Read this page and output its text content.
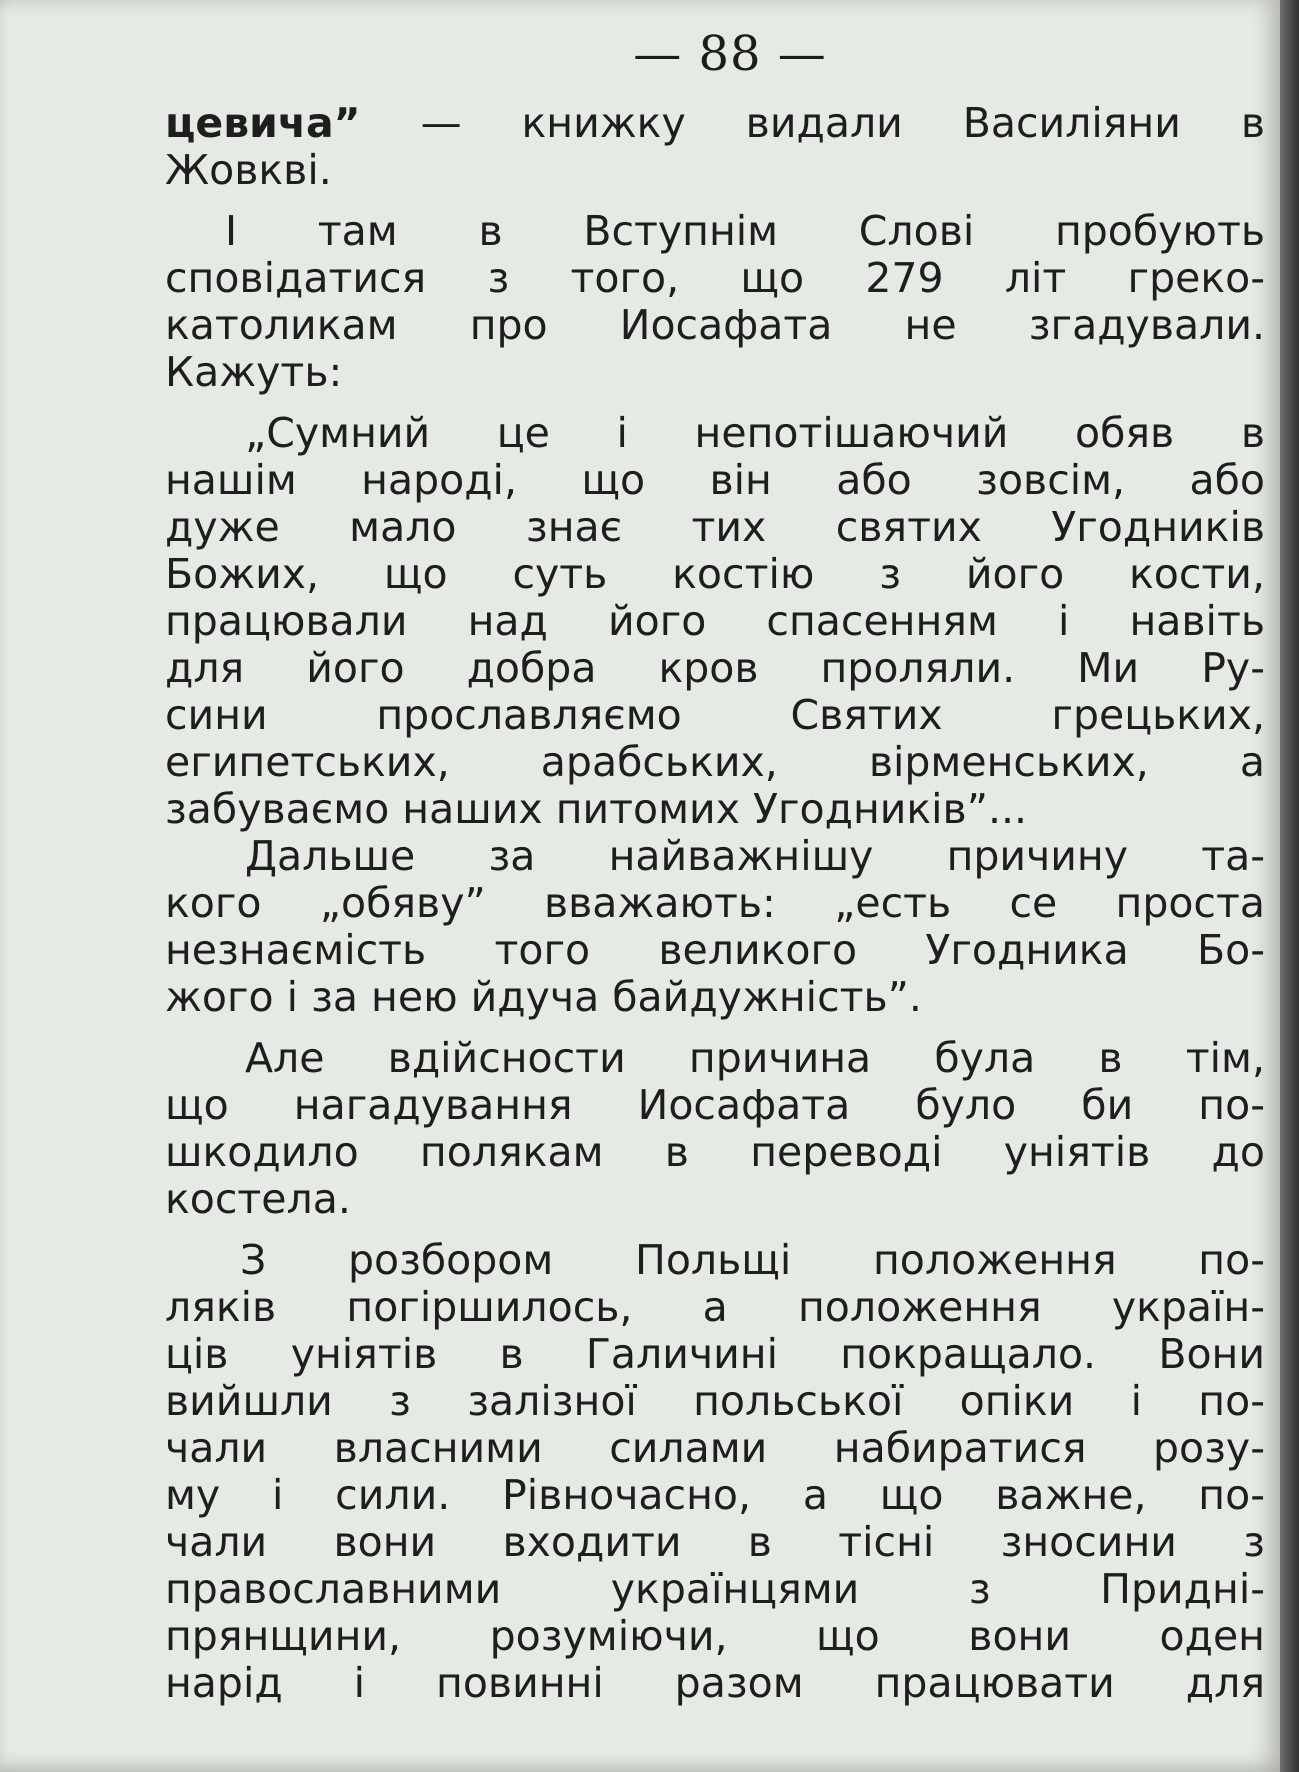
— 88 —

цевича” — книжку видали Василіяни в
Жовкві.

І там в Вступнім Слові пробують
сповідатися з того, що 279 літ греко-
католикам про Иосафата не згадували.
Кажуть:

„Сумний це і непотішаючий обяв в
нашім народі, що він або зовсім, або
дуже мало знає тих святих Угодників
Божих, що суть костію з його кости,
працювали над його спасенням і навіть
для його добра кров проляли. Ми Ру-
сини прославляємо Святих грецьких,
египетських, арабських, вірменських, а
забуваємо наших питомих Угодників”...

Дальше за найважнішу причину та-
кого „обяву” вважають: „есть се проста
незнаємість того великого Угодника Бо-
жого і за нею йдуча байдужність”.

Але вдійсности причина була в тім,
що нагадування Иосафата було би по-
шкодило полякам в переводі уніятів до
костела.

З розбором Польщі положення по-
ляків погіршилось, а положення україн-
ців уніятів в Галичині покращало. Вони
вийшли з залізної польської опіки і по-
чали власними силами набиратися розу-
му і сили. Рівночасно, а що важне, по-
чали вони входити в тісні зносини з
православними українцями з Придні-
прянщини, розуміючи, що вони оден
нарід і повинні разом працювати для
